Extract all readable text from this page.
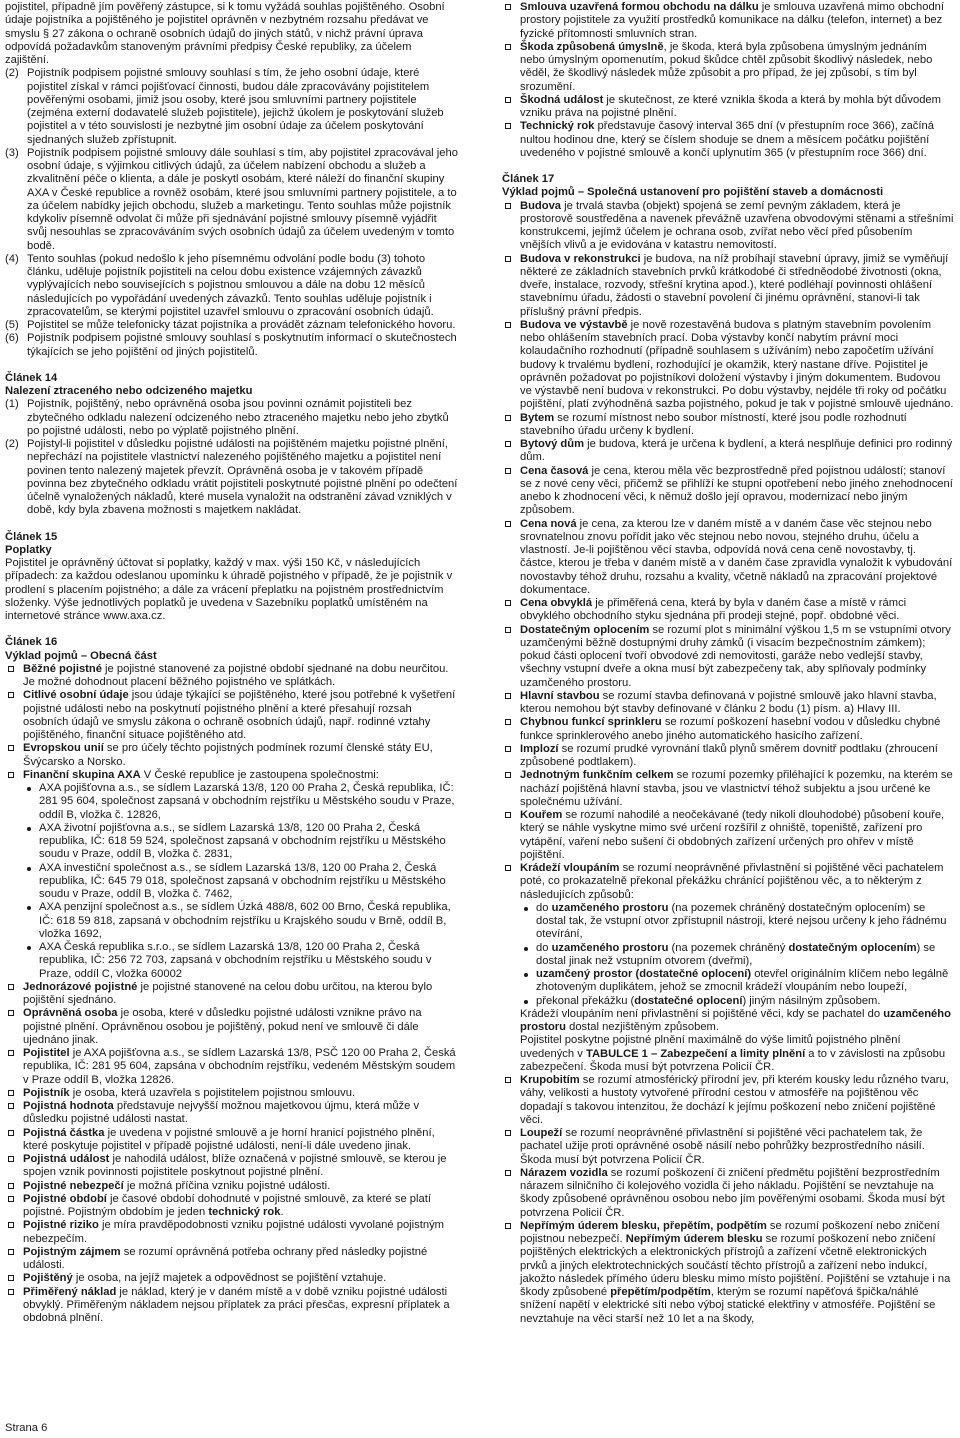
pojistitel, případně jím pověřený zástupce, si k tomu vyžádá souhlas pojištěného. Osobní údaje pojistníka a pojištěného je pojistitel oprávněn v nezbytném rozsahu předávat ve smyslu § 27 zákona o ochraně osobních údajů do jiných států, v nichž právní úprava odpovídá požadavkům stanoveným právními předpisy České republiky, za účelem zajištění.

(2) Pojistník podpisem pojistné smlouvy souhlasí s tím, že jeho osobní údaje, které pojistitel získal v rámci pojišťovací činnosti, budou dále zpracovávány pojistitelem pověřenými osobami, jimiž jsou osoby, které jsou smluvními partnery pojistitele (zejména externí dodavatelé služeb pojistitele), jejichž úkolem je poskytování služeb pojistitel a v této souvislosti je nezbytné jim osobní údaje za účelem poskytování sjednaných služeb zpřístupnit.
(3) Pojistník podpisem pojistné smlouvy dále souhlasí s tím, aby pojistitel zpracovával jeho osobní údaje, s výjimkou citlivých údajů, za účelem nabízení obchodu a služeb a zkvalitnění péče o klienta, a dále je poskytl osobám, které náleží do finanční skupiny AXA v České republice a rovněž osobám, které jsou smluvními partnery pojistitele, a to za účelem nabídky jejich obchodu, služeb a marketingu. Tento souhlas může pojistník kdykoliv písemně odvolat či může při sjednávání pojistné smlouvy písemně vyjádřit svůj nesouhlas se zpracováváním svých osobních údajů za účelem uvedeným v tomto bodě.
(4) Tento souhlas (pokud nedošlo k jeho písemnému odvolání podle bodu (3) tohoto článku, uděluje pojistník pojistiteli na celou dobu existence vzájemných závazků vyplývajících nebo souvisejících s pojistnou smlouvou a dále na dobu 12 měsíců následujících po vypořádání uvedených závazků. Tento souhlas uděluje pojistník i zpracovatelům, se kterými pojistitel uzavřel smlouvu o zpracování osobních údajů.
(5) Pojistitel se může telefonicky tázat pojistníka a provádět záznam telefonického hovoru.
(6) Pojistník podpisem pojistné smlouvy souhlasí s poskytnutím informací o skutečnostech týkajících se jeho pojištění od jiných pojistitelů.

Článek 14

Nalezení ztraceného nebo odcizeného majetku

(1) Pojistník, pojištěný, nebo oprávněná osoba jsou povinni oznámit pojistiteli bez zbytečného odkladu nalezení odcizeného nebo ztraceného majetku nebo jeho zbytků po pojistné události, nebo po výplatě pojistného plnění.
(2) Pojistyl-li pojistitel v důsledku pojistné události na pojištěném majetku pojistné plnění, nepřechází na pojistitele vlastnictví nalezeného pojištěného majetku a pojistitel není povinen tento nalezený majetek převzít. Oprávněná osoba je v takovém případě povinna bez zbytečného odkladu vrátit pojistiteli poskytnuté pojistné plnění po odečtení účelně vynaložených nákladů, které musela vynaložit na odstranění závad vzniklých v době, kdy byla zbavena možnosti s majetkem nakládat.

Článek 15

Poplatky

Pojistitel je oprávněný účtovat si poplatky, každý v max. výši 150 Kč, v následujících případech: za každou odeslanou upomínku k úhradě pojistného v případě, že je pojistník v prodlení s placením pojistného; a dále za vrácení přeplatku na pojistném prostřednictvím složenky. Výše jednotlivých poplatků je uvedena v Sazebníku poplatků umístěném na internetové stránce www.axa.cz.

Článek 16

Výklad pojmů – Obecná část

Běžné pojistné je pojistné stanovené za pojistné období sjednané na dobu neurčitou. Je možné dohodnout placení běžného pojistného ve splátkách.
Citlivé osobní údaje jsou údaje týkající se pojištěného, které jsou potřebné k vyšetření pojistné události nebo na poskytnutí pojistného plnění a které přesahují rozsah osobních údajů ve smyslu zákona o ochraně osobních údajů, např. rodinné vztahy pojištěného, finanční situace pojištěného atd.
Evropskou unií se pro účely těchto pojistných podmínek rozumí členské státy EU, Švýcarsko a Norsko.
Finanční skupina AXA V České republice je zastoupena společnostmi:
AXA pojišťovna a.s., se sídlem Lazarská 13/8, 120 00 Praha 2, Česká republika, IČ: 281 95 604, společnost zapsaná v obchodním rejstříku u Městského soudu v Praze, oddíl B, vložka č. 12826,
AXA životní pojišťovna a.s., se sídlem Lazarská 13/8, 120 00 Praha 2, Česká republika, IČ: 618 59 524, společnost zapsaná v obchodním rejstříku u Městského soudu v Praze, oddíl B, vložka č. 2831,
AXA investiční společnost a.s., se sídlem Lazarská 13/8, 120 00 Praha 2, Česká republika, IČ: 645 79 018, společnost zapsaná v obchodním rejstříku u Městského soudu v Praze, oddíl B, vložka č. 7462,
AXA penzijní společnost a.s., se sídlem Úzká 488/8, 602 00 Brno, Česká republika, IČ: 618 59 818, zapsaná v obchodním rejstříku u Krajského soudu v Brně, oddíl B, vložka 1692,
AXA Česká republika s.r.o., se sídlem Lazarská 13/8, 120 00 Praha 2, Česká republika, IČ: 256 72 703, zapsaná v obchodním rejstříku u Městského soudu v Praze, oddíl C, vložka 60002
Jednorázové pojistné je pojistné stanovené na celou dobu určitou, na kterou bylo pojištění sjednáno.
Oprávněná osoba je osoba, které v důsledku pojistné události vznikne právo na pojistné plnění. Oprávněnou osobou je pojištěný, pokud není ve smlouvě či dále ujednáno jinak.
Pojistitel je AXA pojišťovna a.s., se sídlem Lazarská 13/8, PSČ 120 00 Praha 2, Česká republika, IČ: 281 95 604, zapsána v obchodním rejstříku, vedeném Městským soudem v Praze oddíl B, vložka 12826.
Pojistník je osoba, která uzavřela s pojistitelem pojistnou smlouvu.
Pojistná hodnota představuje nejvyšší možnou majetkovou újmu, která může v důsledku pojistné události nastat.
Pojistná částka je uvedena v pojistné smlouvě a je horní hranicí pojistného plnění, které poskytuje pojistitel v případě pojistné události, není-li dále uvedeno jinak.
Pojistná událost je nahodilá událost, blíže označená v pojistné smlouvě, se kterou je spojen vznik povinnosti pojistitele poskytnout pojistné plnění.
Pojistné nebezpečí je možná příčina vzniku pojistné události.
Pojistné období je časové období dohodnuté v pojistné smlouvě, za které se platí pojistné. Pojistným obdobím je jeden technický rok.
Pojistné riziko je míra pravděpodobnosti vzniku pojistné události vyvolané pojistným nebezpečím.
Pojistným zájmem se rozumí oprávněná potřeba ochrany před následky pojistné události.
Pojištěný je osoba, na jejíž majetek a odpovědnost se pojištění vztahuje.
Přiměřený náklad je náklad, který je v daném místě a v době vzniku pojistné události obvyklý. Přiměřeným nákladem nejsou příplatek za práci přesčas, expresní příplatek a obdobná plnění.
Smlouva uzavřená formou obchodu na dálku je smlouva uzavřená mimo obchodní prostory pojistitele za využití prostředků komunikace na dálku (telefon, internet) a bez fyzické přítomnosti smluvních stran.
Škoda způsobená úmyslně, je škoda, která byla způsobena úmyslným jednáním nebo úmyslným opomenutím, pokud škůdce chtěl způsobit škodlivý následek, nebo věděl, že škodlivý následek může způsobit a pro případ, že jej způsobí, s tím byl srozumění.
Škodná událost je skutečnost, ze které vznikla škoda a která by mohla být důvodem vzniku práva na pojistné plnění.
Technický rok představuje časový interval 365 dní (v přestupním roce 366), začíná nultou hodinou dne, který se číslem shoduje se dnem a měsícem počátku pojištění uvedeného v pojistné smlouvě a končí uplynutím 365 (v přestupním roce 366) dní.

Článek 17

Výklad pojmů – Společná ustanovení pro pojištění staveb a domácnosti

Budova je trvalá stavba (objekt) spojená se zemí pevným základem, která je prostorově soustředěna a navenek převážně uzavřena obvodovými stěnami a střešními konstrukcemi, jejímž účelem je ochrana osob, zvířat nebo věcí před působením vnějších vlivů a je evidována v katastru nemovitostí.
Budova v rekonstrukci je budova, na níž probíhají stavební úpravy, jimiž se vyměňují některé ze základních stavebních prvků krátkodobé či středněodobé životnosti (okna, dveře, instalace, rozvody, střešní krytina apod.), které podléhají povinnosti ohlášení stavebnímu úřadu, žádosti o stavební povolení či jinému oprávnění, stanovi-li tak příslušný právní předpis.
Budova ve výstavbě je nově rozestavěná budova s platným stavebním povolením nebo ohlášením stavebních prací. Doba výstavby končí nabytím právní moci kolaudačního rozhodnutí (případně souhlasem s užíváním) nebo započetím užívání budovy k trvalému bydlení, rozhodující je okamžik, který nastane dříve. Pojistitel je oprávněn požadovat po pojistníkovi doložení výstavby i jiným dokumentem. Budovou ve výstavbě není budova v rekonstrukci. Po dobu výstavby, nejdéle tři roky od počátku pojištění, platí zvýhodněná sazba pojistného, pokud je tak v pojistné smlouvě ujednáno.
Bytem se rozumí místnost nebo soubor místností, které jsou podle rozhodnutí stavebního úřadu určeny k bydlení.
Bytový dům je budova, která je určena k bydlení, a která nesplňuje definici pro rodinný dům.
Cena časová je cena, kterou měla věc bezprostředně před pojistnou událostí; stanoví se z nové ceny věci, přičemž se přihlíží ke stupni opotřebení nebo jiného znehodnocení anebo k zhodnocení věci, k němuž došlo její opravou, modernizací nebo jiným způsobem.
Cena nová je cena, za kterou lze v daném místě a v daném čase věc stejnou nebo srovnatelnou znovu pořídit jako věc stejnou nebo novou, stejného druhu, účelu a vlastností. Je-li pojištěnou věcí stavba, odpovídá nová cena ceně novostavby, tj. částce, kterou je třeba v daném místě a v daném čase zpravidla vynaložit k vybudování novostavby téhož druhu, rozsahu a kvality, včetně nákladů na zpracování projektové dokumentace.
Cena obvyklá je přiměřená cena, která by byla v daném čase a místě v rámci obvyklého obchodního styku sjednána při prodeji stejné, popř. obdobné věci.
Dostatečným oplocením se rozumí plot s minimální výškou 1,5 m se vstupními otvory uzamčenými běžně dostupnými druhy zámků (i visacím bezpečnostním zámkem); pokud části oplocení tvoří obvodové zdi nemovitosti, garáže nebo vedlejší stavby, všechny vstupní dveře a okna musí být zabezpečeny tak, aby splňovaly podmínky uzamčeného prostoru.
Hlavní stavbou se rozumí stavba definovaná v pojistné smlouvě jako hlavní stavba, kterou nemohou být stavby definované v článku 2 bodu (1) písm. a) Hlavy III.
Chybnou funkcí sprinkleru se rozumí poškození hasební vodou v důsledku chybné funkce sprinklerového anebo jiného automatického hasicího zařízení.
Implozí se rozumí prudké vyrovnání tlaků plynů směrem dovnitř podtlaku (zhroucení způsobené podtlakem).
Jednotným funkčním celkem se rozumí pozemky přiléhající k pozemku, na kterém se nachází pojištěná hlavní stavba, jsou ve vlastnictví téhož subjektu a jsou určené ke společnému užívání.
Kouřem se rozumí nahodilé a neočekávané (tedy nikoli dlouhodobé) působení kouře, který se náhle vyskytne mimo své určení rozšířil z ohniště, topeniště, zařízení pro vytápění, vaření nebo sušení či obdobných zařízení určených pro ohřev v místě pojištění.
Krádeží vloupáním se rozumí neoprávněné přivlastnění si pojištěné věci pachatelem poté, co prokazatelně překonal překážku chránící pojištěnou věc, a to některým z následujících způsobů:
do uzamčeného prostoru (na pozemek chráněný dostatečným oplocením) se dostal tak, že vstupní otvor zpřístupnil nástroji, které nejsou určeny k jeho řádnému otevírání,
do uzamčeného prostoru (na pozemek chráněný dostatečným oplocením) se dostal jinak než vstupním otvorem (dveřmi),
uzamčený prostor (dostatečné oplocení) otevřel originálním klíčem nebo legálně zhotoveným duplikátem, jehož se zmocnil krádeží vloupáním nebo loupeží,
překonal překážku (dostatečné oplocení) jiným násilným způsobem.

Krádeží vloupáním není přivlastnění si pojištěné věci, kdy se pachatel do uzamčeného prostoru dostal nezjištěným způsobem.

Pojistitel poskytne pojistné plnění maximálně do výše limitů pojistného plnění uvedených v TABULCE 1 – Zabezpečení a limity plnění a to v závislosti na způsobu zabezpečení. Škoda musí být potvrzena Policií ČR.

Krupobitím se rozumí atmosférický přírodní jev, při kterém kousky ledu různého tvaru, váhy, velikosti a hustoty vytvořené přírodní cestou v atmosféře na pojištěnou věc dopadají s takovou intenzitou, že dochází k jejímu poškození nebo zničení pojištěné věci.
Loupeží se rozumí neoprávněné přivlastnění si pojištěné věci pachatelem tak, že pachatel užije proti oprávněné osobě násilí nebo pohrůžky bezprostředního násilí. Škoda musí být potvrzena Policií ČR.
Nárazem vozidla se rozumí poškození či zničení předmětu pojištění bezprostředním nárazem silničního či kolejového vozidla či jeho nákladu. Pojištění se nevztahuje na škody způsobené oprávněnou osobou nebo jím pověřenými osobami. Škoda musí být potvrzena Policií ČR.
Nepřímým úderem blesku, přepětím, podpětím se rozumí poškození nebo zničení pojistnou nebezpečí. Nepřímým úderem blesku se rozumí poškození nebo zničení pojištěných elektrických a elektronických přístrojů a zařízení včetně elektronických prvků a jiných elektrotechnických součástí těchto přístrojů a zařízení nebo indukcí, jakožto následek přímého úderu blesku mimo místo pojištění. Pojištění se vztahuje i na škody způsobené přepětím/podpětím, kterým se rozumí napěťová špička/náhlé snížení napětí v elektrické síti nebo výboj statické elektřiny v atmosféře. Pojištění se nevztahuje na věci starší než 10 let a na škody,
Strana 6
